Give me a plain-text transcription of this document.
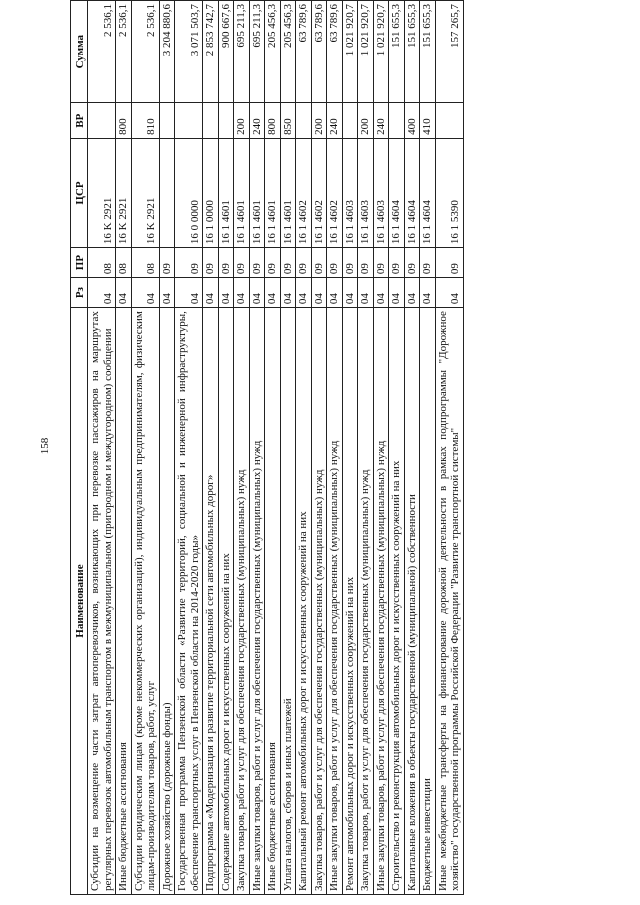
158
Наименование	Рз	ПР	ЦСР	ВР	Сумма
Субсидии на возмещение части затрат автоперевозчиков, возникающих при перевозке пассажиров на маршрутах регулярных перевозок автомобильным транспортом в межмуниципальном (пригородном и междугородном) сообщении	04	08	16 K 2921		2 536,1
Иные бюджетные ассигнования	04	08	16 K 2921	800	2 536,1
Субсидии юридическим лицам (кроме некоммерческих организаций), индивидуальным предпринимателям, физическим лицам-производителям товаров, работ, услуг	04	08	16 K 2921	810	2 536,1
Дорожное хозяйство (дорожные фонды)	04	09			3 204 880,6
Государственная программа Пензенской области «Развитие территорий, социальной и инженерной инфраструктуры, обеспечение транспортных услуг в Пензенской области на 2014-2020 годы»	04	09	16 0 0000		3 071 503,7
Подпрограмма «Модернизация и развитие территориальной сети автомобильных дорог»	04	09	16 1 0000		2 853 742,7
Содержание автомобильных дорог и искусственных сооружений на них	04	09	16 1 4601		900 667,6
Закупка товаров, работ и услуг для обеспечения государственных (муниципальных) нужд	04	09	16 1 4601	200	695 211,3
Иные закупки товаров, работ и услуг для обеспечения государственных (муниципальных) нужд	04	09	16 1 4601	240	695 211,3
Иные бюджетные ассигнования	04	09	16 1 4601	800	205 456,3
Уплата налогов, сборов и иных платежей	04	09	16 1 4601	850	205 456,3
Капитальный ремонт автомобильных дорог и искусственных сооружений на них	04	09	16 1 4602		63 789,6
Закупка товаров, работ и услуг для обеспечения государственных (муниципальных) нужд	04	09	16 1 4602	200	63 789,6
Иные закупки товаров, работ и услуг для обеспечения государственных (муниципальных) нужд	04	09	16 1 4602	240	63 789,6
Ремонт автомобильных дорог и искусственных сооружений на них	04	09	16 1 4603		1 021 920,7
Закупка товаров, работ и услуг для обеспечения государственных (муниципальных) нужд	04	09	16 1 4603	200	1 021 920,7
Иные закупки товаров, работ и услуг для обеспечения государственных (муниципальных) нужд	04	09	16 1 4603	240	1 021 920,7
Строительство и реконструкция автомобильных дорог и искусственных сооружений на них	04	09	16 1 4604		151 655,3
Капитальные вложения в объекты государственной (муниципальной) собственности	04	09	16 1 4604	400	151 655,3
Бюджетные инвестиции	04	09	16 1 4604	410	151 655,3
Иные межбюджетные трансферты на финансирование дорожной деятельности в рамках подпрограммы "Дорожное хозяйство" государственной программы Российской Федерации "Развитие транспортной системы"	04	09	16 1 5390		157 265,7
